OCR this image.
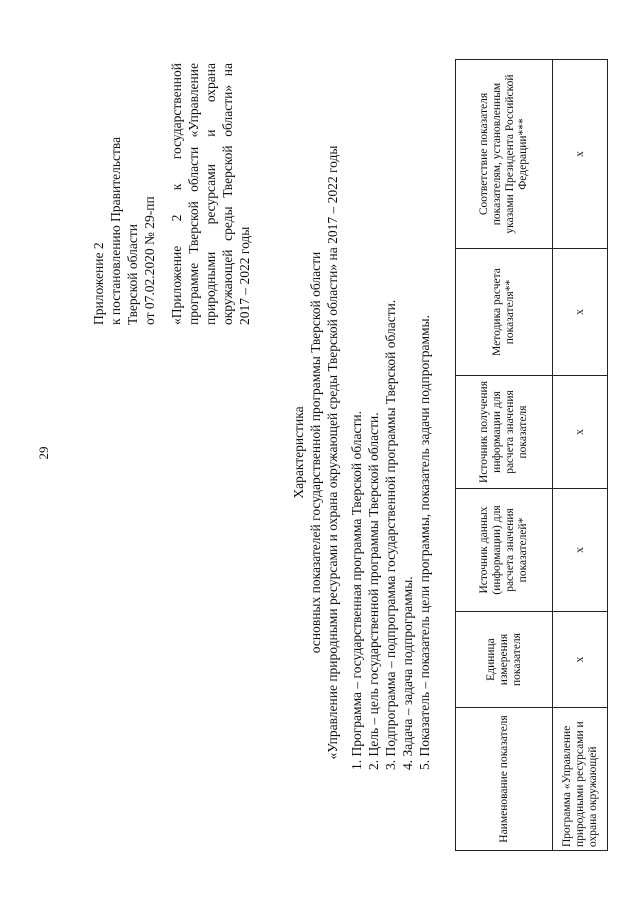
29
Приложение 2 к постановлению Правительства Тверской области от 07.02.2020 № 29-пп «Приложение 2 к государственной программе Тверской области «Управление природными ресурсами и охрана окружающей среды Тверской области» на 2017 – 2022 годы
Характеристика основных показателей государственной программы Тверской области «Управление природными ресурсами и охрана окружающей среды Тверской области» на 2017 – 2022 годы 1. Программа – государственная программа Тверской области. 2. Цель – цель государственной программы Тверской области. 3. Подпрограмма – подпрограмма государственной программы Тверской области. 4. Задача – задача подпрограммы. 5. Показатель – показатель цели программы, показатель задачи подпрограммы.
Наименование показателя	Единица измерения показателя	Источник данных (информации) для расчета значения показателей*	Источник получения информации для расчета значения показателя	Методика расчета показателя**	Соответствие показателя показателям, установленным указами Президента Российской Федерации***
Программа «Управление природными ресурсами и охрана окружающей	x	x	x	x	x
